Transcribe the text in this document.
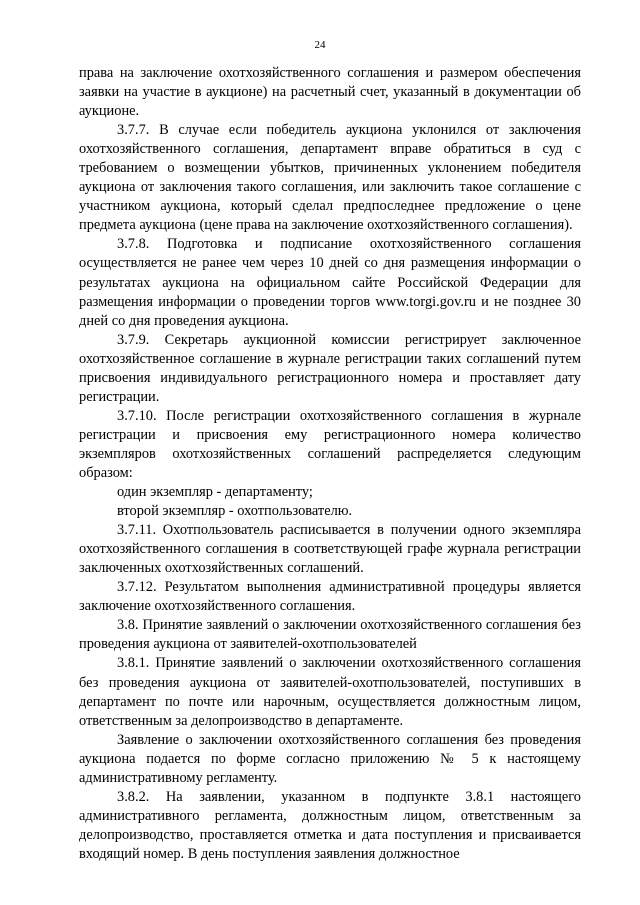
24

права на заключение охотхозяйственного соглашения и размером обеспечения заявки на участие в аукционе) на расчетный счет, указанный в документации об аукционе.

3.7.7. В случае если победитель аукциона уклонился от заключения охотхозяйственного соглашения, департамент вправе обратиться в суд с требованием о возмещении убытков, причиненных уклонением победителя аукциона от заключения такого соглашения, или заключить такое соглашение с участником аукциона, который сделал предпоследнее предложение о цене предмета аукциона (цене права на заключение охотхозяйственного соглашения).

3.7.8. Подготовка и подписание охотхозяйственного соглашения осуществляется не ранее чем через 10 дней со дня размещения информации о результатах аукциона на официальном сайте Российской Федерации для размещения информации о проведении торгов www.torgi.gov.ru и не позднее 30 дней со дня проведения аукциона.

3.7.9. Секретарь аукционной комиссии регистрирует заключенное охотхозяйственное соглашение в журнале регистрации таких соглашений путем присвоения индивидуального регистрационного номера и проставляет дату регистрации.

3.7.10. После регистрации охотхозяйственного соглашения в журнале регистрации и присвоения ему регистрационного номера количество экземпляров охотхозяйственных соглашений распределяется следующим образом:

один экземпляр - департаменту;

второй экземпляр - охотпользователю.

3.7.11. Охотпользователь расписывается в получении одного экземпляра охотхозяйственного соглашения в соответствующей графе журнала регистрации заключенных охотхозяйственных соглашений.

3.7.12. Результатом выполнения административной процедуры является заключение охотхозяйственного соглашения.

3.8. Принятие заявлений о заключении охотхозяйственного соглашения без проведения аукциона от заявителей-охотпользователей

3.8.1. Принятие заявлений о заключении охотхозяйственного соглашения без проведения аукциона от заявителей-охотпользователей, поступивших в департамент по почте или нарочным, осуществляется должностным лицом, ответственным за делопроизводство в департаменте.

Заявление о заключении охотхозяйственного соглашения без проведения аукциона подается по форме согласно приложению № 5 к настоящему административному регламенту.

3.8.2. На заявлении, указанном в подпункте 3.8.1 настоящего административного регламента, должностным лицом, ответственным за делопроизводство, проставляется отметка и дата поступления и присваивается входящий номер. В день поступления заявления должностное
